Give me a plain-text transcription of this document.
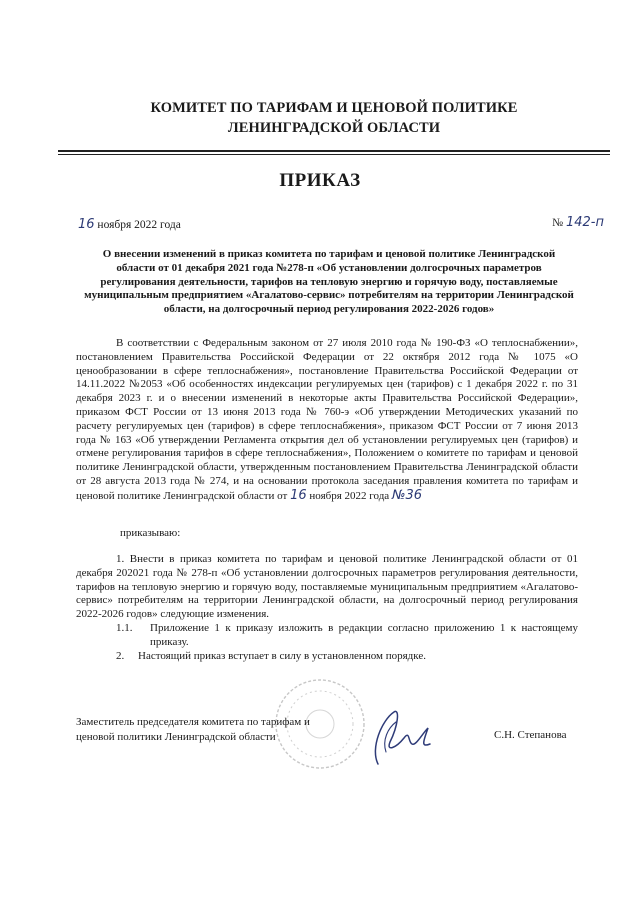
КОМИТЕТ ПО ТАРИФАМ И ЦЕНОВОЙ ПОЛИТИКЕ
ЛЕНИНГРАДСКОЙ ОБЛАСТИ
ПРИКАЗ
16 ноября 2022 года	№ 142-п
О внесении изменений в приказ комитета по тарифам и ценовой политике Ленинградской области от 01 декабря 2021 года №278-п «Об установлении долгосрочных параметров регулирования деятельности, тарифов на тепловую энергию и горячую воду, поставляемые муниципальным предприятием «Агалатово-сервис» потребителям на территории Ленинградской области, на долгосрочный период регулирования 2022-2026 годов»
В соответствии с Федеральным законом от 27 июля 2010 года № 190-ФЗ «О теплоснабжении», постановлением Правительства Российской Федерации от 22 октября 2012 года № 1075 «О ценообразовании в сфере теплоснабжения», постановление Правительства Российской Федерации от 14.11.2022 №2053 «Об особенностях индексации регулируемых цен (тарифов) с 1 декабря 2022 г. по 31 декабря 2023 г. и о внесении изменений в некоторые акты Правительства Российской Федерации», приказом ФСТ России от 13 июня 2013 года № 760-э «Об утверждении Методических указаний по расчету регулируемых цен (тарифов) в сфере теплоснабжения», приказом ФСТ России от 7 июня 2013 года № 163 «Об утверждении Регламента открытия дел об установлении регулируемых цен (тарифов) и отмене регулирования тарифов в сфере теплоснабжения», Положением о комитете по тарифам и ценовой политике Ленинградской области, утвержденным постановлением Правительства Ленинградской области от 28 августа 2013 года № 274, и на основании протокола заседания правления комитета по тарифам и ценовой политике Ленинградской области от 16 ноября 2022 года №36
приказываю:

1. Внести в приказ комитета по тарифам и ценовой политике Ленинградской области от 01 декабря 202021 года № 278-п «Об установлении долгосрочных параметров регулирования деятельности, тарифов на тепловую энергию и горячую воду, поставляемые муниципальным предприятием «Агалатово-сервис» потребителям на территории Ленинградской области, на долгосрочный период регулирования 2022-2026 годов» следующие изменения.

1.1. Приложение 1 к приказу изложить в редакции согласно приложению 1 к настоящему приказу.

2. Настоящий приказ вступает в силу в установленном порядке.

Заместитель председателя комитета по тарифам и
ценовой политики Ленинградской области	С.Н. Степанова
